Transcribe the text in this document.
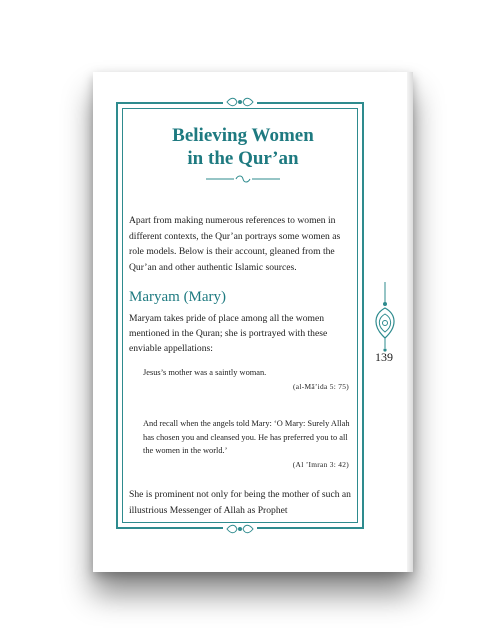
Believing Women
in the Qur’an

Apart from making numerous references to women in different contexts, the Qur’an portrays some women as role models. Below is their account, gleaned from the Qur’an and other authentic Islamic sources.

Maryam (Mary)

Maryam takes pride of place among all the women mentioned in the Quran; she is portrayed with these enviable appellations:

Jesus’s mother was a saintly woman.
(al-Mā’ida 5: 75)
And recall when the angels told Mary: ‘O Mary: Surely Allah has chosen you and cleansed you. He has preferred you to all the women in the world.’
(Al ’Imran 3: 42)

She is prominent not only for being the mother of such an illustrious Messenger of Allah as Prophet

139
